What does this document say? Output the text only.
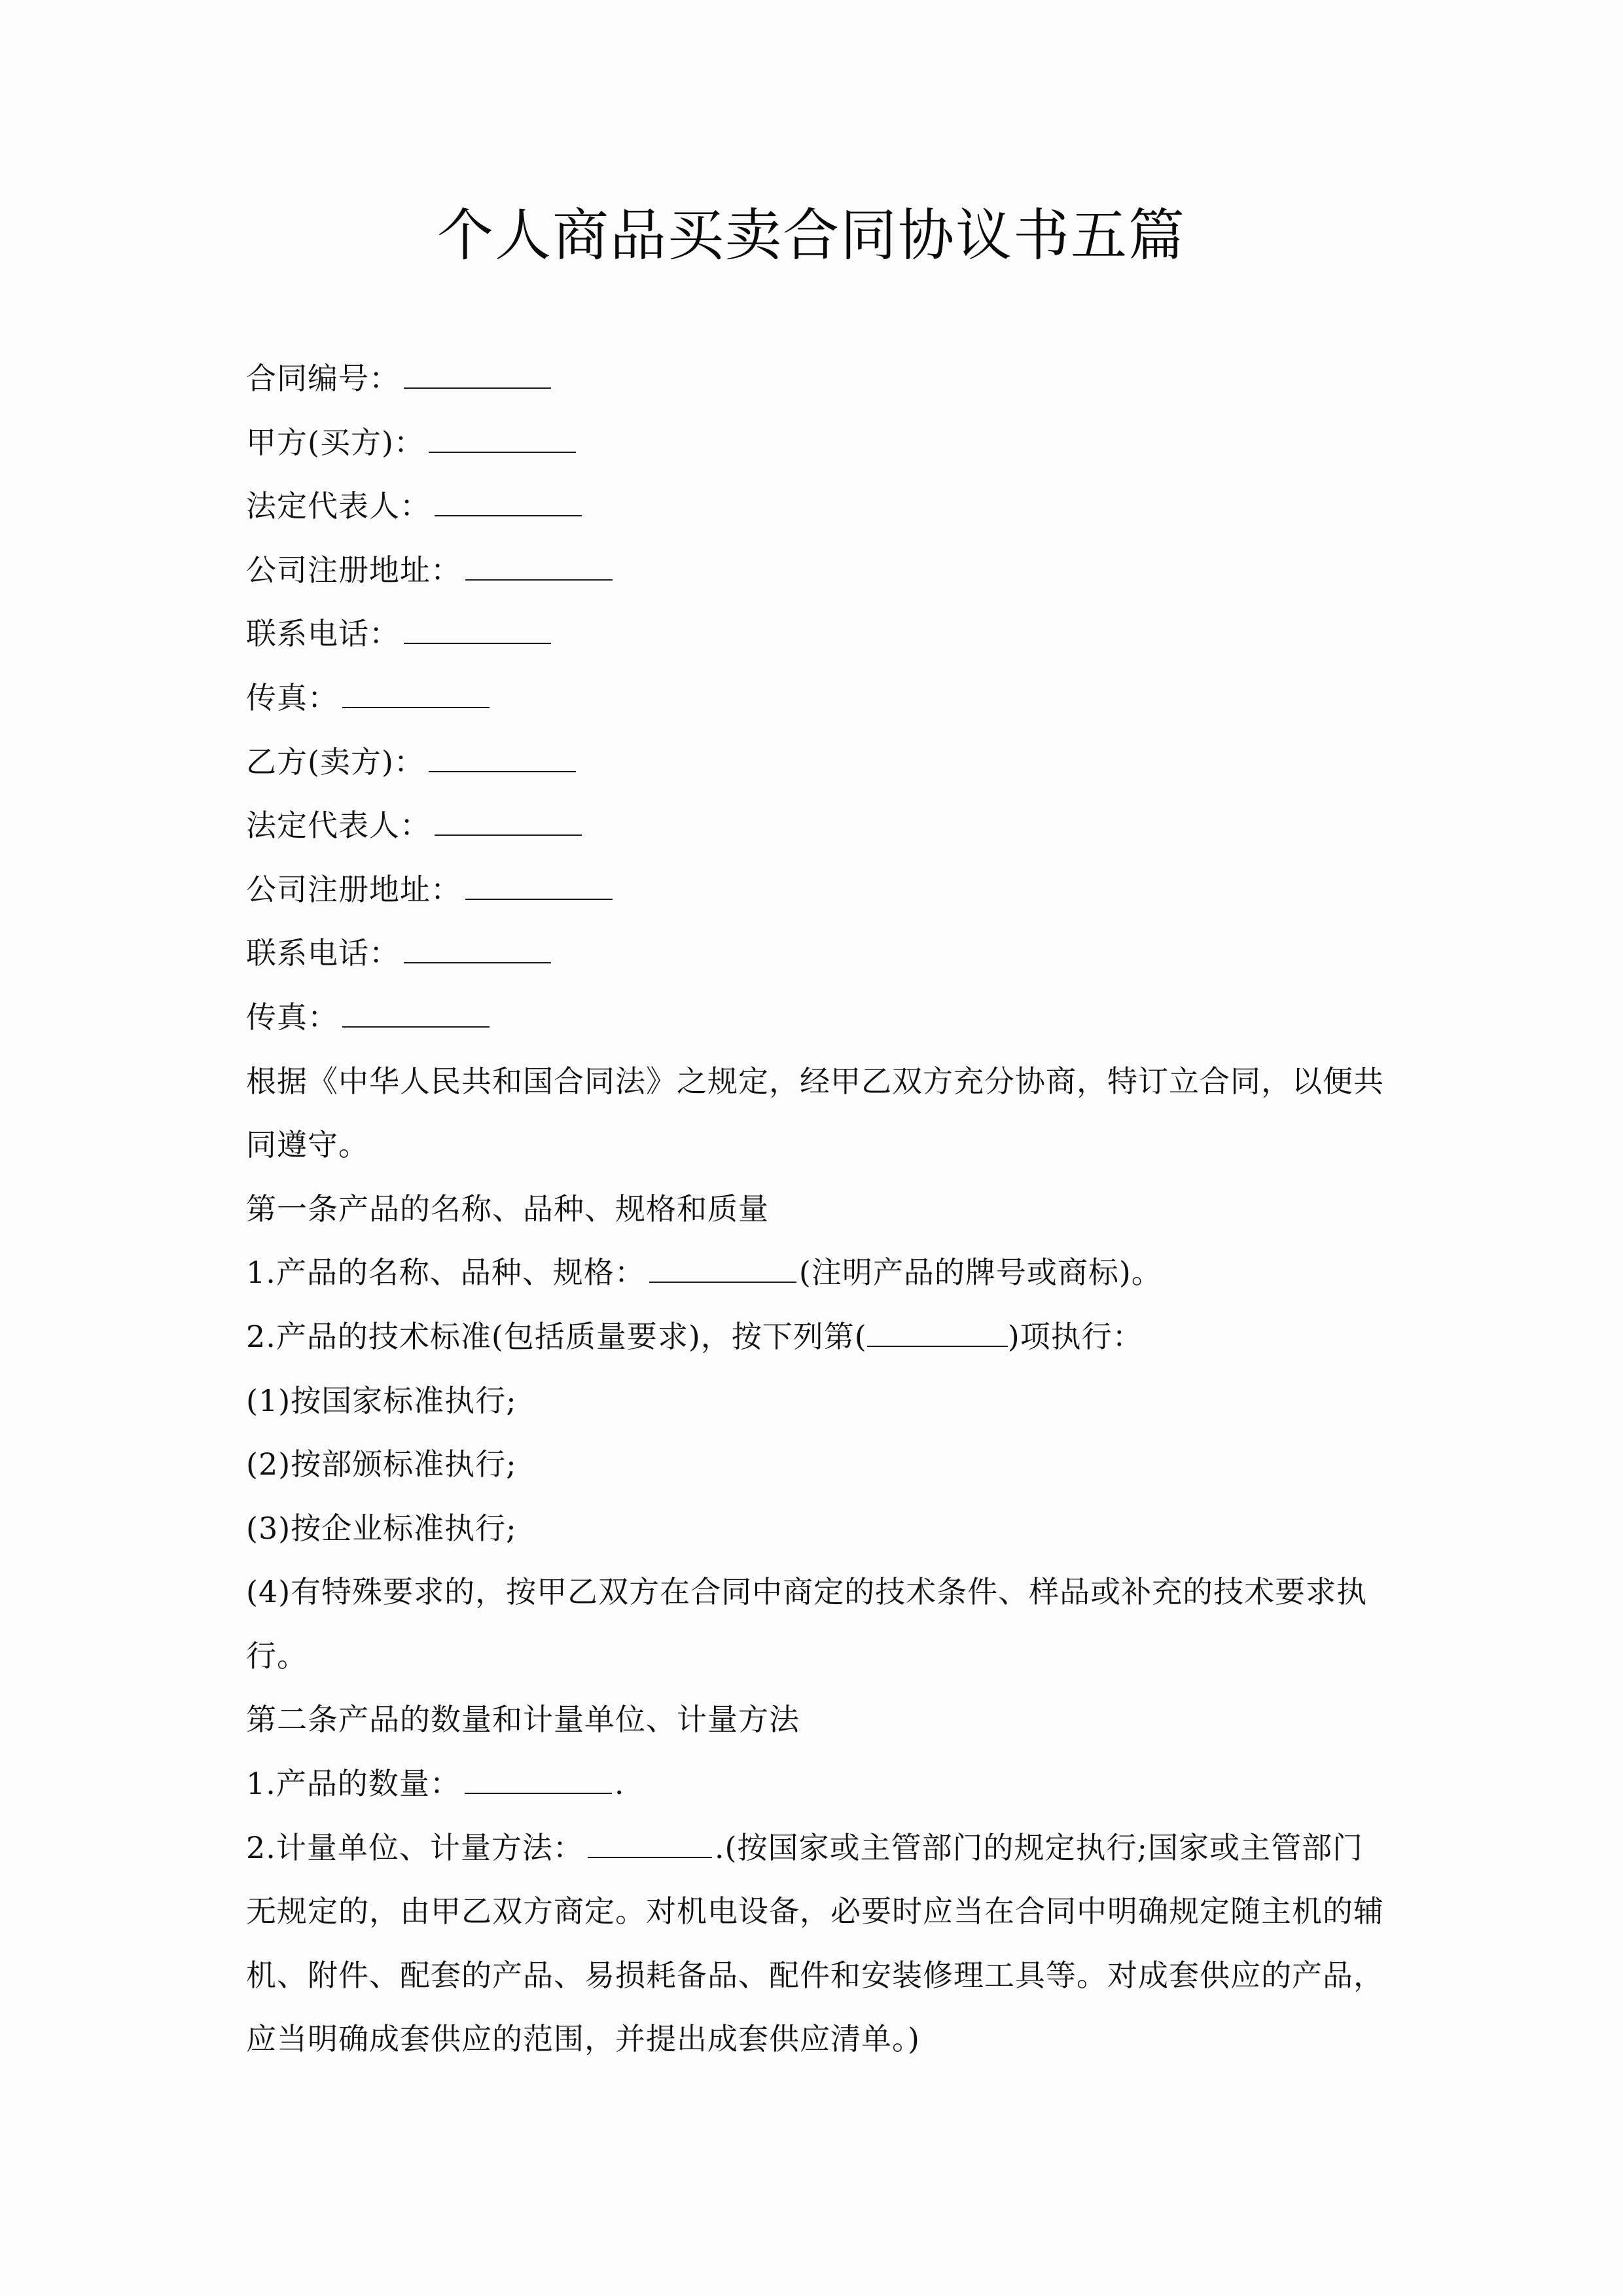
个人商品买卖合同协议书五篇
合同编号：
甲方(买方)：
法定代表人：
公司注册地址：
联系电话：
传真：
乙方(卖方)：
法定代表人：
公司注册地址：
联系电话：
传真：
根据《中华人民共和国合同法》之规定，经甲乙双方充分协商，特订立合同，以便共同遵守。
第一条产品的名称、品种、规格和质量
1.产品的名称、品种、规格：	(注明产品的牌号或商标)。
2.产品的技术标准(包括质量要求)，按下列第(	)项执行：
(1)按国家标准执行;
(2)按部颁标准执行;
(3)按企业标准执行;
(4)有特殊要求的，按甲乙双方在合同中商定的技术条件、样品或补充的技术要求执行。
第二条产品的数量和计量单位、计量方法
1.产品的数量：	.
2.计量单位、计量方法：	.(按国家或主管部门的规定执行;国家或主管部门无规定的，由甲乙双方商定。对机电设备，必要时应当在合同中明确规定随主机的辅机、附件、配套的产品、易损耗备品、配件和安装修理工具等。对成套供应的产品，应当明确成套供应的范围，并提出成套供应清单。)
